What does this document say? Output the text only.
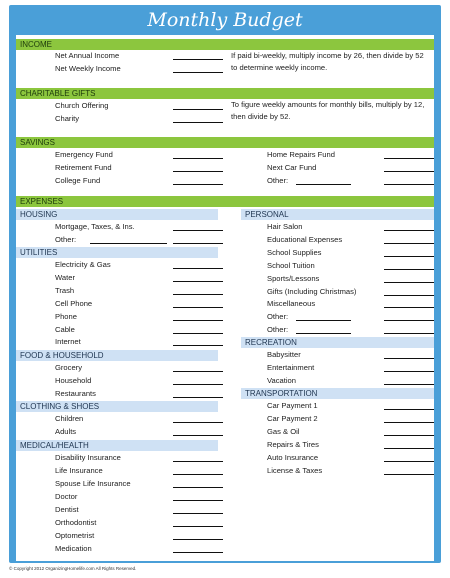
Monthly Budget
INCOME
Net Annual Income
Net Weekly Income
If paid bi-weekly, multiply income by 26, then divide by 52 to determine weekly income.
CHARITABLE GIFTS
Church Offering
Charity
To figure weekly amounts for monthly bills, multiply by 12, then divide by 52.
SAVINGS
Emergency Fund
Retirement Fund
College Fund
Home Repairs Fund
Next Car Fund
Other:
EXPENSES
HOUSING
Mortgage, Taxes, & Ins.
Other:
UTILITIES
Electricity & Gas
Water
Trash
Cell Phone
Phone
Cable
Internet
FOOD & HOUSEHOLD
Grocery
Household
Restaurants
CLOTHING & SHOES
Children
Adults
MEDICAL/HEALTH
Disability Insurance
Life Insurance
Spouse Life Insurance
Doctor
Dentist
Orthodontist
Optometrist
Medication
PERSONAL
Hair Salon
Educational Expenses
School Supplies
School Tuition
Sports/Lessons
Gifts (Including Christmas)
Miscellaneous
Other:
Other:
RECREATION
Babysitter
Entertainment
Vacation
TRANSPORTATION
Car Payment 1
Car Payment 2
Gas & Oil
Repairs & Tires
Auto Insurance
License & Taxes
© Copyright 2012 OrganizingHomelife.com All Rights Reserved.
